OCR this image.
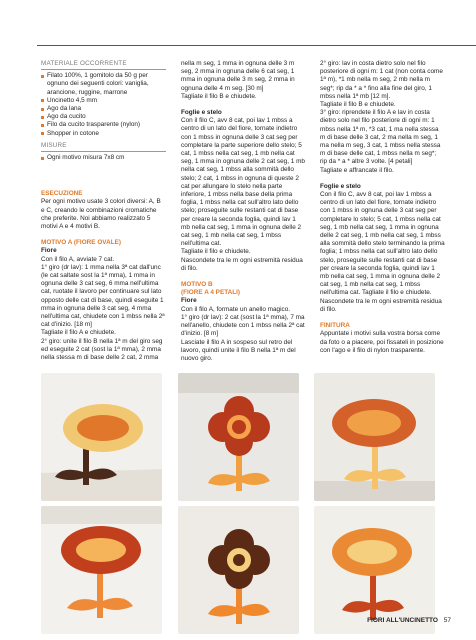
MATERIALE OCCORRENTE
Filato 100%, 1 gomitolo da 50 g per ognuno dei seguenti colori: vaniglia, arancione, ruggine, marrone
Uncinetto 4,5 mm
Ago da lana
Ago da cucito
Filo da cucito trasparente (nylon)
Shopper in cotone
MISURE
Ogni motivo misura 7x8 cm

ESECUZIONE

Per ogni motivo usate 3 colori diversi: A, B e C, creando le combinazioni cromatiche che preferite. Noi abbiamo realizzato 5 motivi A e 4 motivi B.

MOTIVO A (FIORE OVALE)

Fiore

Con il filo A, avviate 7 cat.

1° giro (dr lav): 1 mma nella 3ª cat dall'unc (le cat saltate sost la 1ª mma), 1 mma in ognuna delle 3 cat seg, 6 mma nell'ultima cat, ruotate il lavoro per continuare sul lato opposto delle cat di base, quindi eseguite 1 mma in ognuna delle 3 cat seg, 4 mma nell'ultima cat, chiudete con 1 mbss nella 2ª cat d'inizio. [18 m]

Tagliate il filo A e chiudete.

2° giro: unite il filo B nella 1ª m del giro seg ed eseguite 2 cat (sost la 1ª mma), 2 mma nella stessa m di base delle 2 cat, 2 mma

nella m seg, 1 mma in ognuna delle 3 m seg, 2 mma in ognuna delle 6 cat seg, 1 mma in ognuna delle 3 m seg, 2 mma in ognuna delle 4 m seg. [30 m]

Tagliate il filo B e chiudete.

Foglie e stelo

Con il filo C, avv 8 cat, poi lav 1 mbss a centro di un lato del fiore, tornate indietro con 1 mbss in ognuna delle 3 cat seg per completare la parte superiore dello stelo; 5 cat, 1 mbss nella cat seg, 1 mb nella cat seg, 1 mma in ognuna delle 2 cat seg, 1 mb nella cat seg, 1 mbss alla sommità dello stelo; 2 cat, 1 mbss in ognuna di queste 2 cat per allungare lo stelo nella parte inferiore, 1 mbss nella base della prima foglia, 1 mbss nella cat sull'altro lato dello stelo; proseguite sulle restanti cat di base per creare la seconda foglia, quindi lav 1 mb nella cat seg, 1 mma in ognuna delle 2 cat seg, 1 mb nella cat seg, 1 mbss nell'ultima cat.

Tagliate il filo e chiudete.

Nascondete tra le m ogni estremità residua di filo.

MOTIVO B

(FIORE A 4 PETALI)

Fiore

Con il filo A, formate un anello magico.

1° giro (dr lav): 2 cat (sost la 1ª mma), 7 ma nell'anello, chiudete con 1 mbss nella 2ª cat d'inizio. [8 m]

Lasciate il filo A in sospeso sul retro del lavoro, quindi unite il filo B nella 1ª m del nuovo giro.

2° giro: lav in costa dietro solo nel filo posteriore di ogni m: 1 cat (non conta come 1ª m), *1 mb nella m seg, 2 mb nella m seg*; rip da * a * fino alla fine del giro, 1 mbss nella 1ª mb [12 m].

Tagliate il filo B e chiudete.

3° giro: riprendete il filo A e lav in costa dietro solo nel filo posteriore di ogni m: 1 mbss nella 1ª m, *3 cat, 1 ma nella stessa m di base delle 3 cat, 2 ma nella m seg, 1 ma nella m seg, 3 cat, 1 mbss nella stessa m di base delle cat, 1 mbss nella m seg*; rip da * a * altre 3 volte. [4 petali]

Tagliate e affrancate il filo.

Foglie e stelo

Con il filo C, avv 8 cat, poi lav 1 mbss a centro di un lato del fiore, tornate indietro con 1 mbss in ognuna delle 3 cat seg per completare lo stelo; 5 cat, 1 mbss nella cat seg, 1 mb nella cat seg, 1 mma in ognuna delle 2 cat seg, 1 mb nella cat seg, 1 mbss alla sommità dello stelo terminando la prima foglia; 1 mbss nella cat sull'altro lato dello stelo, proseguite sulle restanti cat di base per creare la seconda foglia, quindi lav 1 mb nella cat seg, 1 mma in ognuna delle 2 cat seg, 1 mb nella cat seg, 1 mbss nell'ultima cat. Tagliate il filo e chiudete. Nascondete tra le m ogni estremità residua di filo.

FINITURA

Appuntate i motivi sulla vostra borsa come da foto o a piacere, poi fissateli in posizione con l'ago e il filo di nylon trasparente.

FIORI ALL'UNCINETTO 57
